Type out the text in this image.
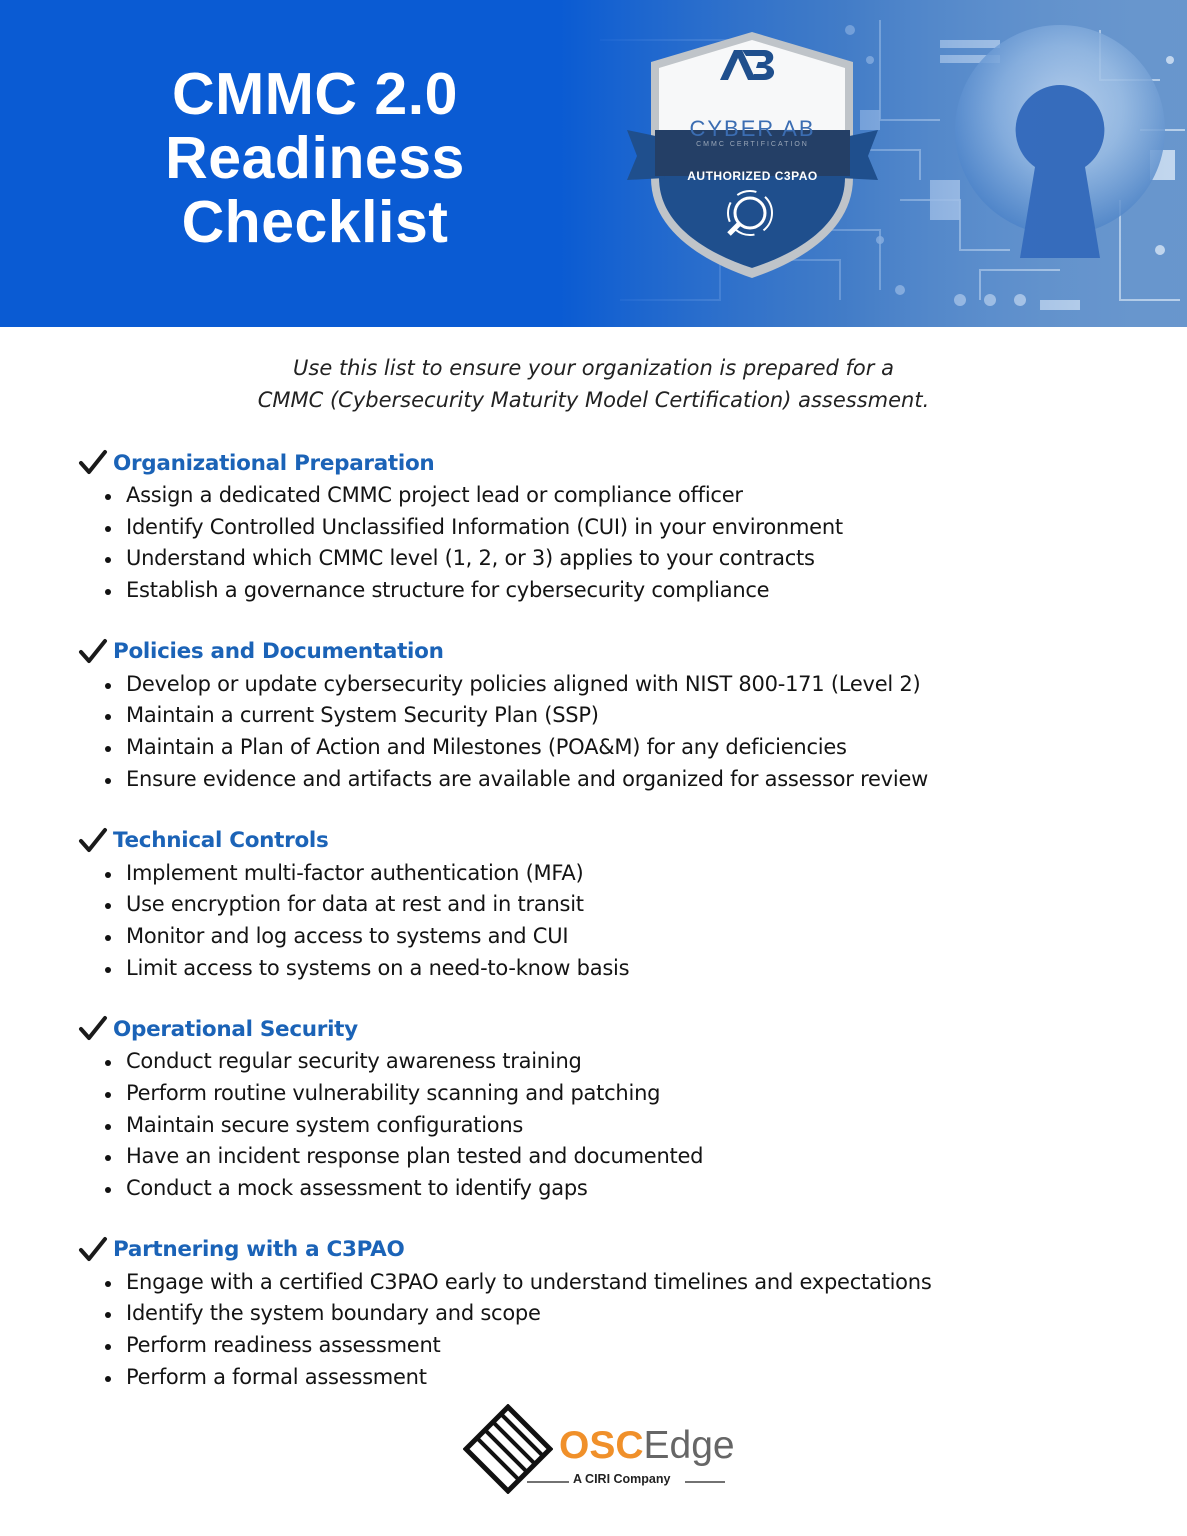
CMMC 2.0
Readiness
Checklist
CYBER AB
CMMC CERTIFICATION
AUTHORIZED C3PAO
Use this list to ensure your organization is prepared for a
CMMC (Cybersecurity Maturity Model Certification) assessment.
Organizational Preparation
Assign a dedicated CMMC project lead or compliance officer
Identify Controlled Unclassified Information (CUI) in your environment
Understand which CMMC level (1, 2, or 3) applies to your contracts
Establish a governance structure for cybersecurity compliance
Policies and Documentation
Develop or update cybersecurity policies aligned with NIST 800-171 (Level 2)
Maintain a current System Security Plan (SSP)
Maintain a Plan of Action and Milestones (POA&M) for any deficiencies
Ensure evidence and artifacts are available and organized for assessor review
Technical Controls
Implement multi-factor authentication (MFA)
Use encryption for data at rest and in transit
Monitor and log access to systems and CUI
Limit access to systems on a need-to-know basis
Operational Security
Conduct regular security awareness training
Perform routine vulnerability scanning and patching
Maintain secure system configurations
Have an incident response plan tested and documented
Conduct a mock assessment to identify gaps
Partnering with a C3PAO
Engage with a certified C3PAO early to understand timelines and expectations
Identify the system boundary and scope
Perform readiness assessment
Perform a formal assessment
OSCEdge
A CIRI Company
